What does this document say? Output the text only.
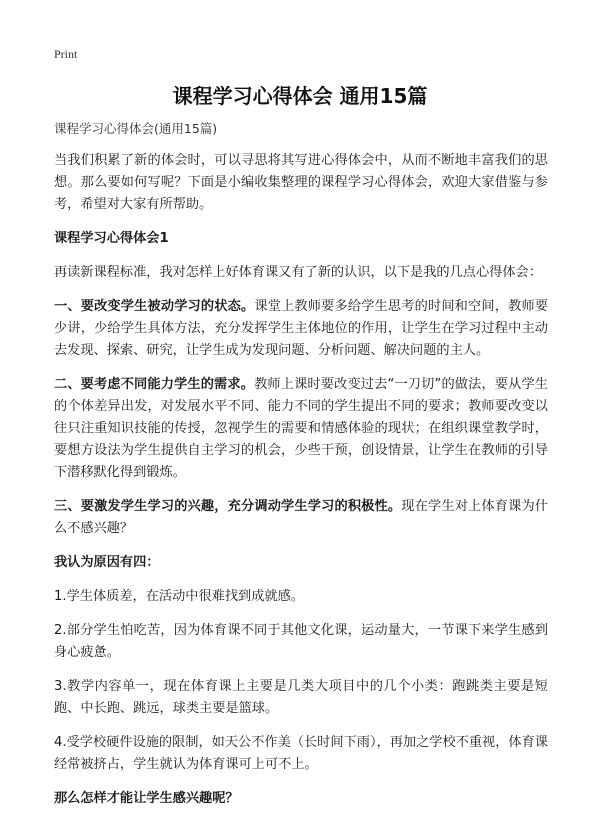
Print
课程学习心得体会 通用15篇
课程学习心得体会(通用15篇)

当我们积累了新的体会时，可以寻思将其写进心得体会中，从而不断地丰富我们的思想。那么要如何写呢？下面是小编收集整理的课程学习心得体会，欢迎大家借鉴与参考，希望对大家有所帮助。

课程学习心得体会1

再读新课程标准，我对怎样上好体育课又有了新的认识，以下是我的几点心得体会：

一、要改变学生被动学习的状态。课堂上教师要多给学生思考的时间和空间，教师要少讲，少给学生具体方法，充分发挥学生主体地位的作用，让学生在学习过程中主动去发现、探索、研究，让学生成为发现问题、分析问题、解决问题的主人。

二、要考虑不同能力学生的需求。教师上课时要改变过去“一刀切”的做法，要从学生的个体差异出发，对发展水平不同、能力不同的学生提出不同的要求；教师要改变以往只注重知识技能的传授，忽视学生的需要和情感体验的现状；在组织课堂教学时，要想方设法为学生提供自主学习的机会，少些干预，创设情景，让学生在教师的引导下潜移默化得到锻炼。

三、要激发学生学习的兴趣，充分调动学生学习的积极性。现在学生对上体育课为什么不感兴趣？

我认为原因有四：

1.学生体质差，在活动中很难找到成就感。

2.部分学生怕吃苦，因为体育课不同于其他文化课，运动量大，一节课下来学生感到身心疲惫。

3.教学内容单一，现在体育课上主要是几类大项目中的几个小类：跑跳类主要是短跑、中长跑、跳远，球类主要是篮球。

4.受学校硬件设施的限制，如天公不作美（长时间下雨），再加之学校不重视，体育课经常被挤占，学生就认为体育课可上可不上。

那么怎样才能让学生感兴趣呢？
